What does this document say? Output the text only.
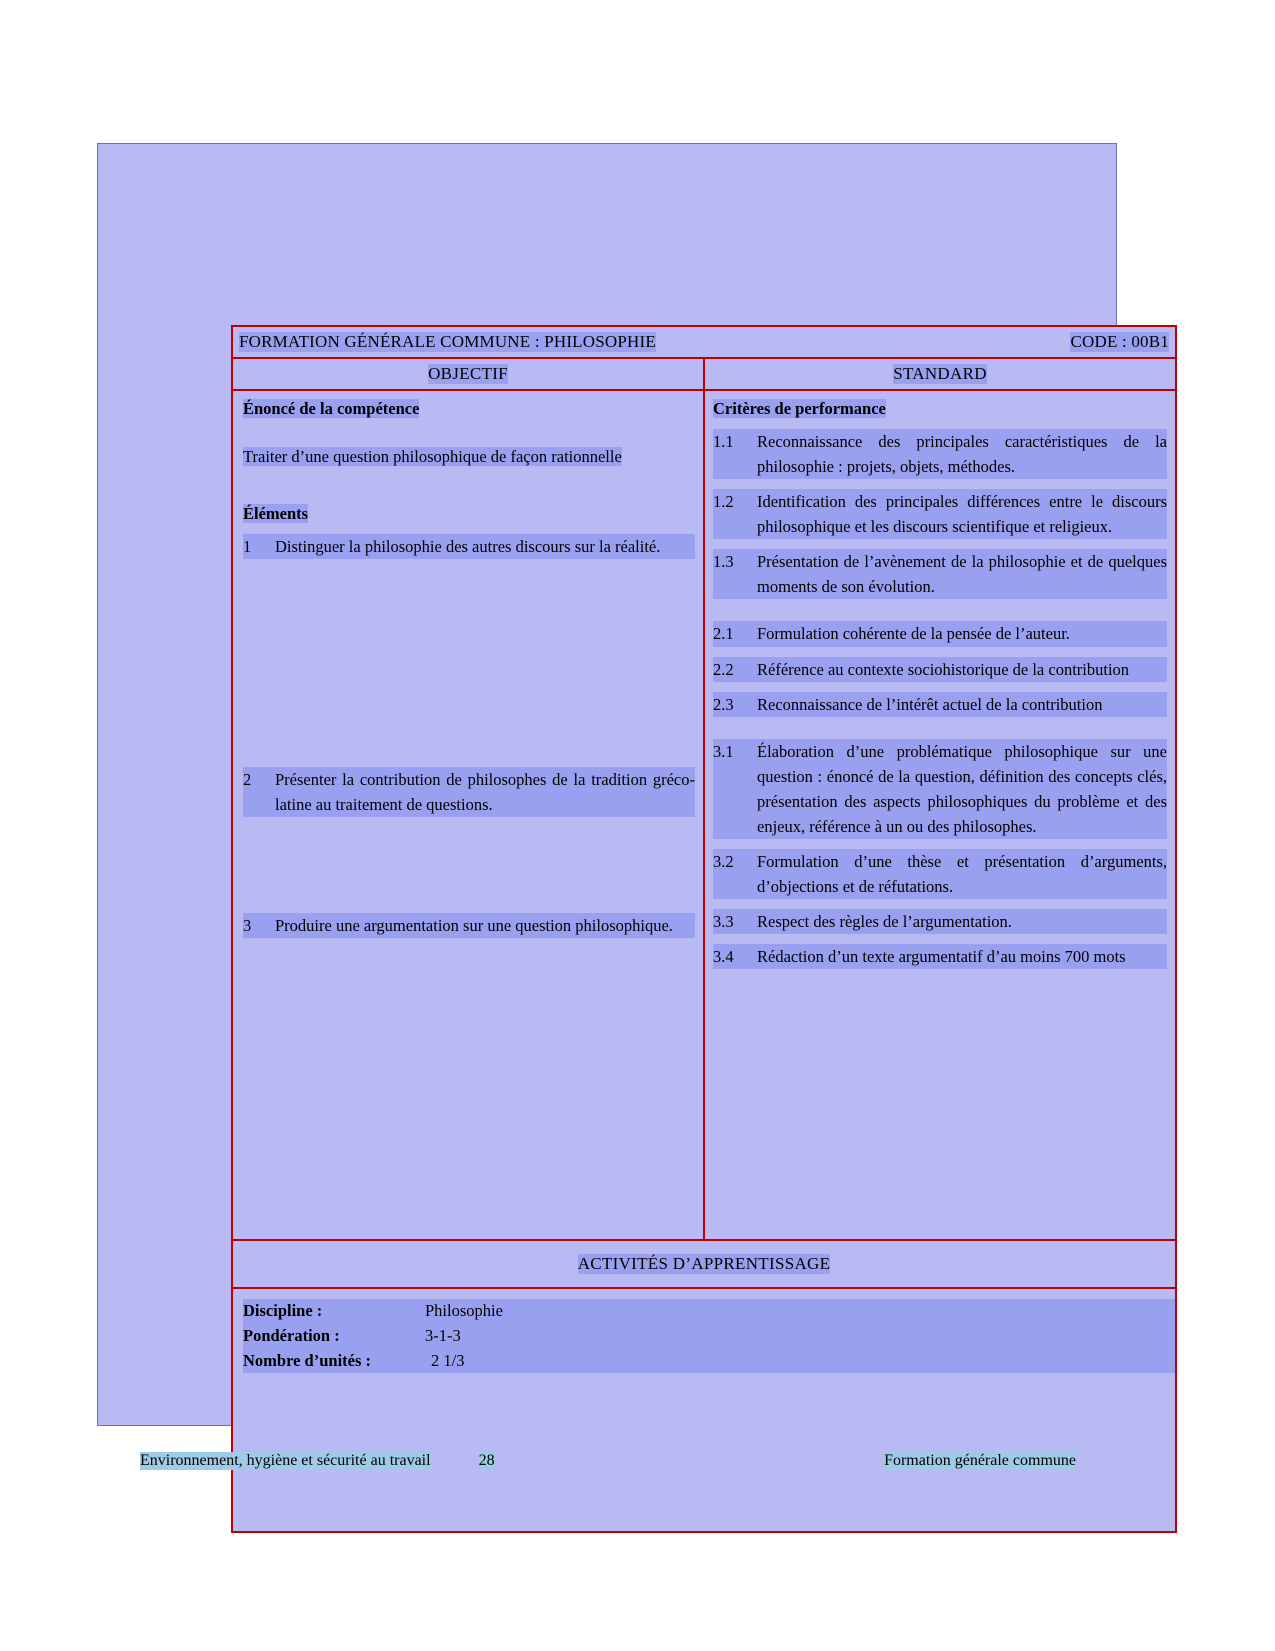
FORMATION GÉNÉRALE COMMUNE : PHILOSOPHIE	CODE : 00B1
OBJECTIF	STANDARD
Énoncé de la compétence
Traiter d’une question philosophique de façon rationnelle
Éléments
1	Distinguer la philosophie des autres discours sur la réalité.
2	Présenter la contribution de philosophes de la tradition gréco-latine au traitement de questions.
3	Produire une argumentation sur une question philosophique.
Critères de performance
1.1	Reconnaissance des principales caractéristiques de la philosophie : projets, objets, méthodes.
1.2	Identification des principales différences entre le discours philosophique et les discours scientifique et religieux.
1.3	Présentation de l’avènement de la philosophie et de quelques moments de son évolution.
2.1	Formulation cohérente de la pensée de l’auteur.
2.2	Référence au contexte sociohistorique de la contribution
2.3	Reconnaissance de l’intérêt actuel de la contribution
3.1	Élaboration d’une problématique philosophique sur une question : énoncé de la question, définition des concepts clés, présentation des aspects philosophiques du problème et des enjeux, référence à un ou des philosophes.
3.2	Formulation d’une thèse et présentation d’arguments, d’objections et de réfutations.
3.3	Respect des règles de l’argumentation.
3.4	Rédaction d’un texte argumentatif d’au moins 700 mots
ACTIVITÉS D’APPRENTISSAGE
Discipline :	Philosophie
Pondération :	3-1-3
Nombre d’unités :	2 1/3
Environnement, hygiène et sécurité au travail	28	Formation générale commune
